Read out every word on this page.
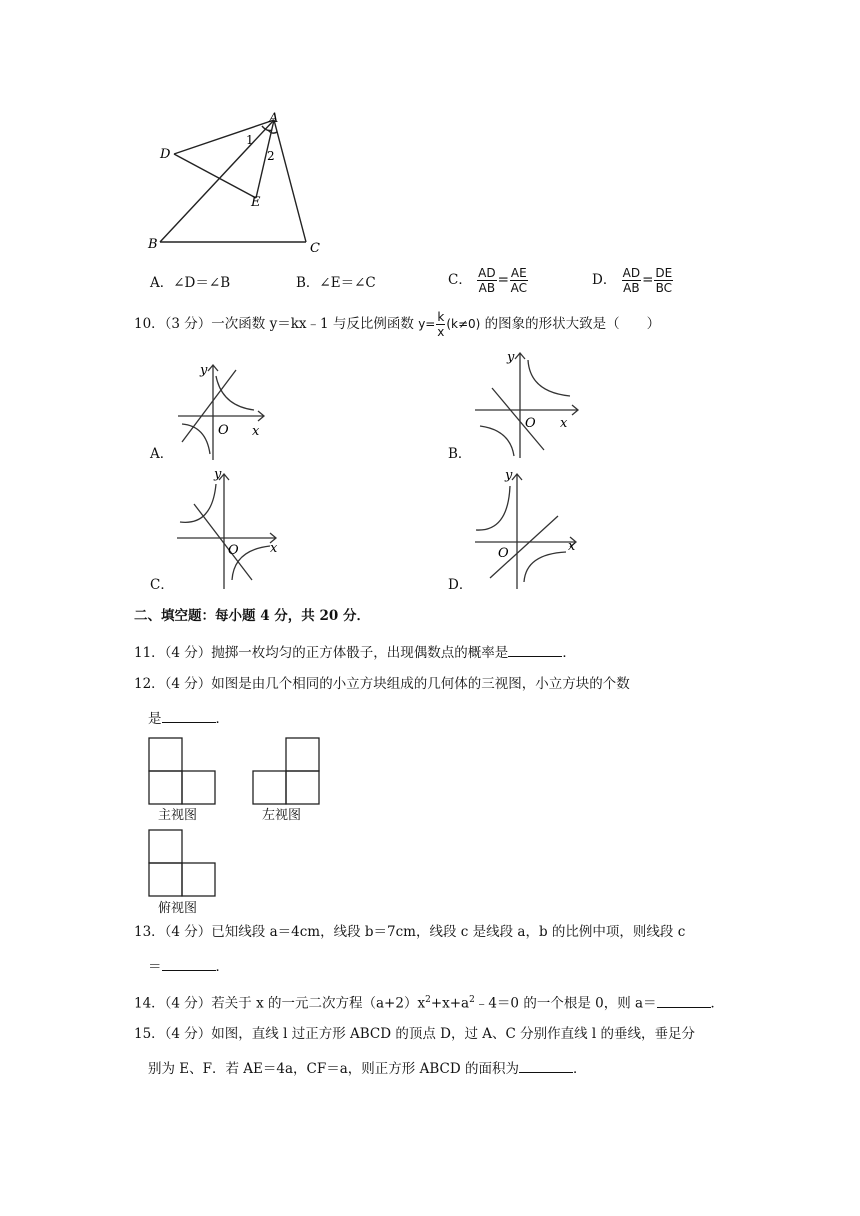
A
D
E
B	C
1
2
A．∠D＝∠B	B．∠E＝∠C	C． $\frac{AD}{AB} = \frac{AE}{AC}$	D． $\frac{AD}{AB} = \frac{DE}{BC}$
10．（3 分）一次函数 y＝kx﹣1 与反比例函数 $y= \frac{k}{x} (k\ne 0)$ 的图象的形状大致是（　　）
y
x
O
A．
y
x
O
B．
y
x
O
C．
y
x
O
D．
二、填空题：每小题 4 分，共 20 分．
11．（4 分）抛掷一枚均匀的正方体骰子，出现偶数点的概率是	．
12．（4 分）如图是由几个相同的小立方块组成的几何体的三视图，小立方块的个数
是	．
主视图	左视图
俯视图
13．（4 分）已知线段 a＝4cm，线段 b＝7cm，线段 c 是线段 a，b 的比例中项，则线段 c
＝	．
14．（4 分）若关于 x 的一元二次方程$(a+2)x^2+x+a^2﹣4=0$ 的一个根是 0，则 a＝	．
15．（4 分）如图，直线 l 过正方形 ABCD 的顶点 D，过 A、C 分别作直线 l 的垂线，垂足分
别为 E、F．若 AE＝4a，CF＝a，则正方形 ABCD 的面积为	．
